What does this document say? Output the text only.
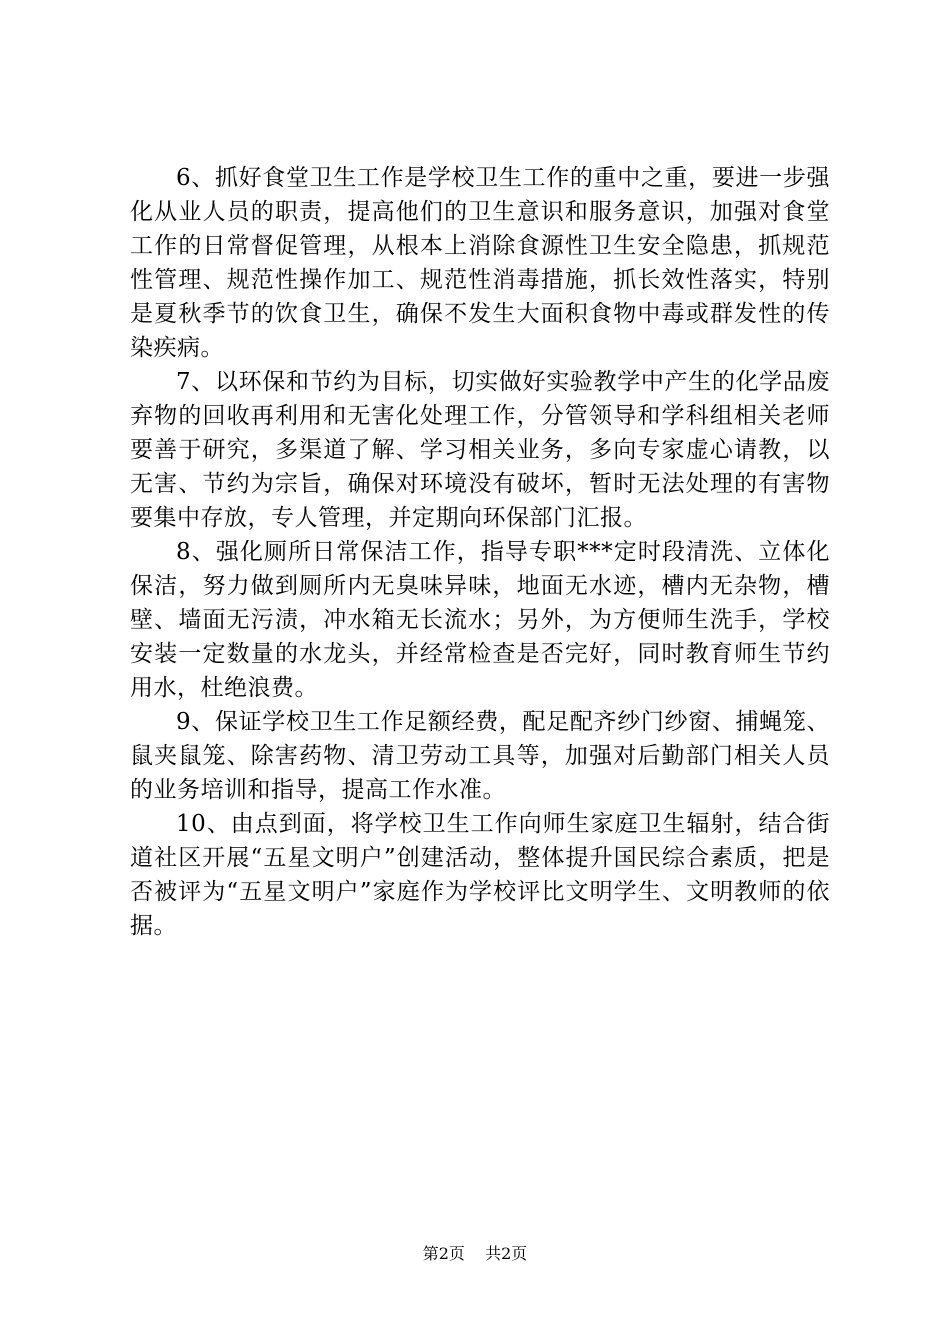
6、抓好食堂卫生工作是学校卫生工作的重中之重，要进一步强化从业人员的职责，提高他们的卫生意识和服务意识，加强对食堂工作的日常督促管理，从根本上消除食源性卫生安全隐患，抓规范性管理、规范性操作加工、规范性消毒措施，抓长效性落实，特别是夏秋季节的饮食卫生，确保不发生大面积食物中毒或群发性的传染疾病。

7、以环保和节约为目标，切实做好实验教学中产生的化学品废弃物的回收再利用和无害化处理工作，分管领导和学科组相关老师要善于研究，多渠道了解、学习相关业务，多向专家虚心请教，以无害、节约为宗旨，确保对环境没有破坏，暂时无法处理的有害物要集中存放，专人管理，并定期向环保部门汇报。

8、强化厕所日常保洁工作，指导专职***定时段清洗、立体化保洁，努力做到厕所内无臭味异味，地面无水迹，槽内无杂物，槽壁、墙面无污渍，冲水箱无长流水；另外，为方便师生洗手，学校安装一定数量的水龙头，并经常检查是否完好，同时教育师生节约用水，杜绝浪费。

9、保证学校卫生工作足额经费，配足配齐纱门纱窗、捕蝇笼、鼠夹鼠笼、除害药物、清卫劳动工具等，加强对后勤部门相关人员的业务培训和指导，提高工作水准。

10、由点到面，将学校卫生工作向师生家庭卫生辐射，结合街道社区开展“五星文明户”创建活动，整体提升国民综合素质，把是否被评为“五星文明户”家庭作为学校评比文明学生、文明教师的依据。

第2页 共2页
